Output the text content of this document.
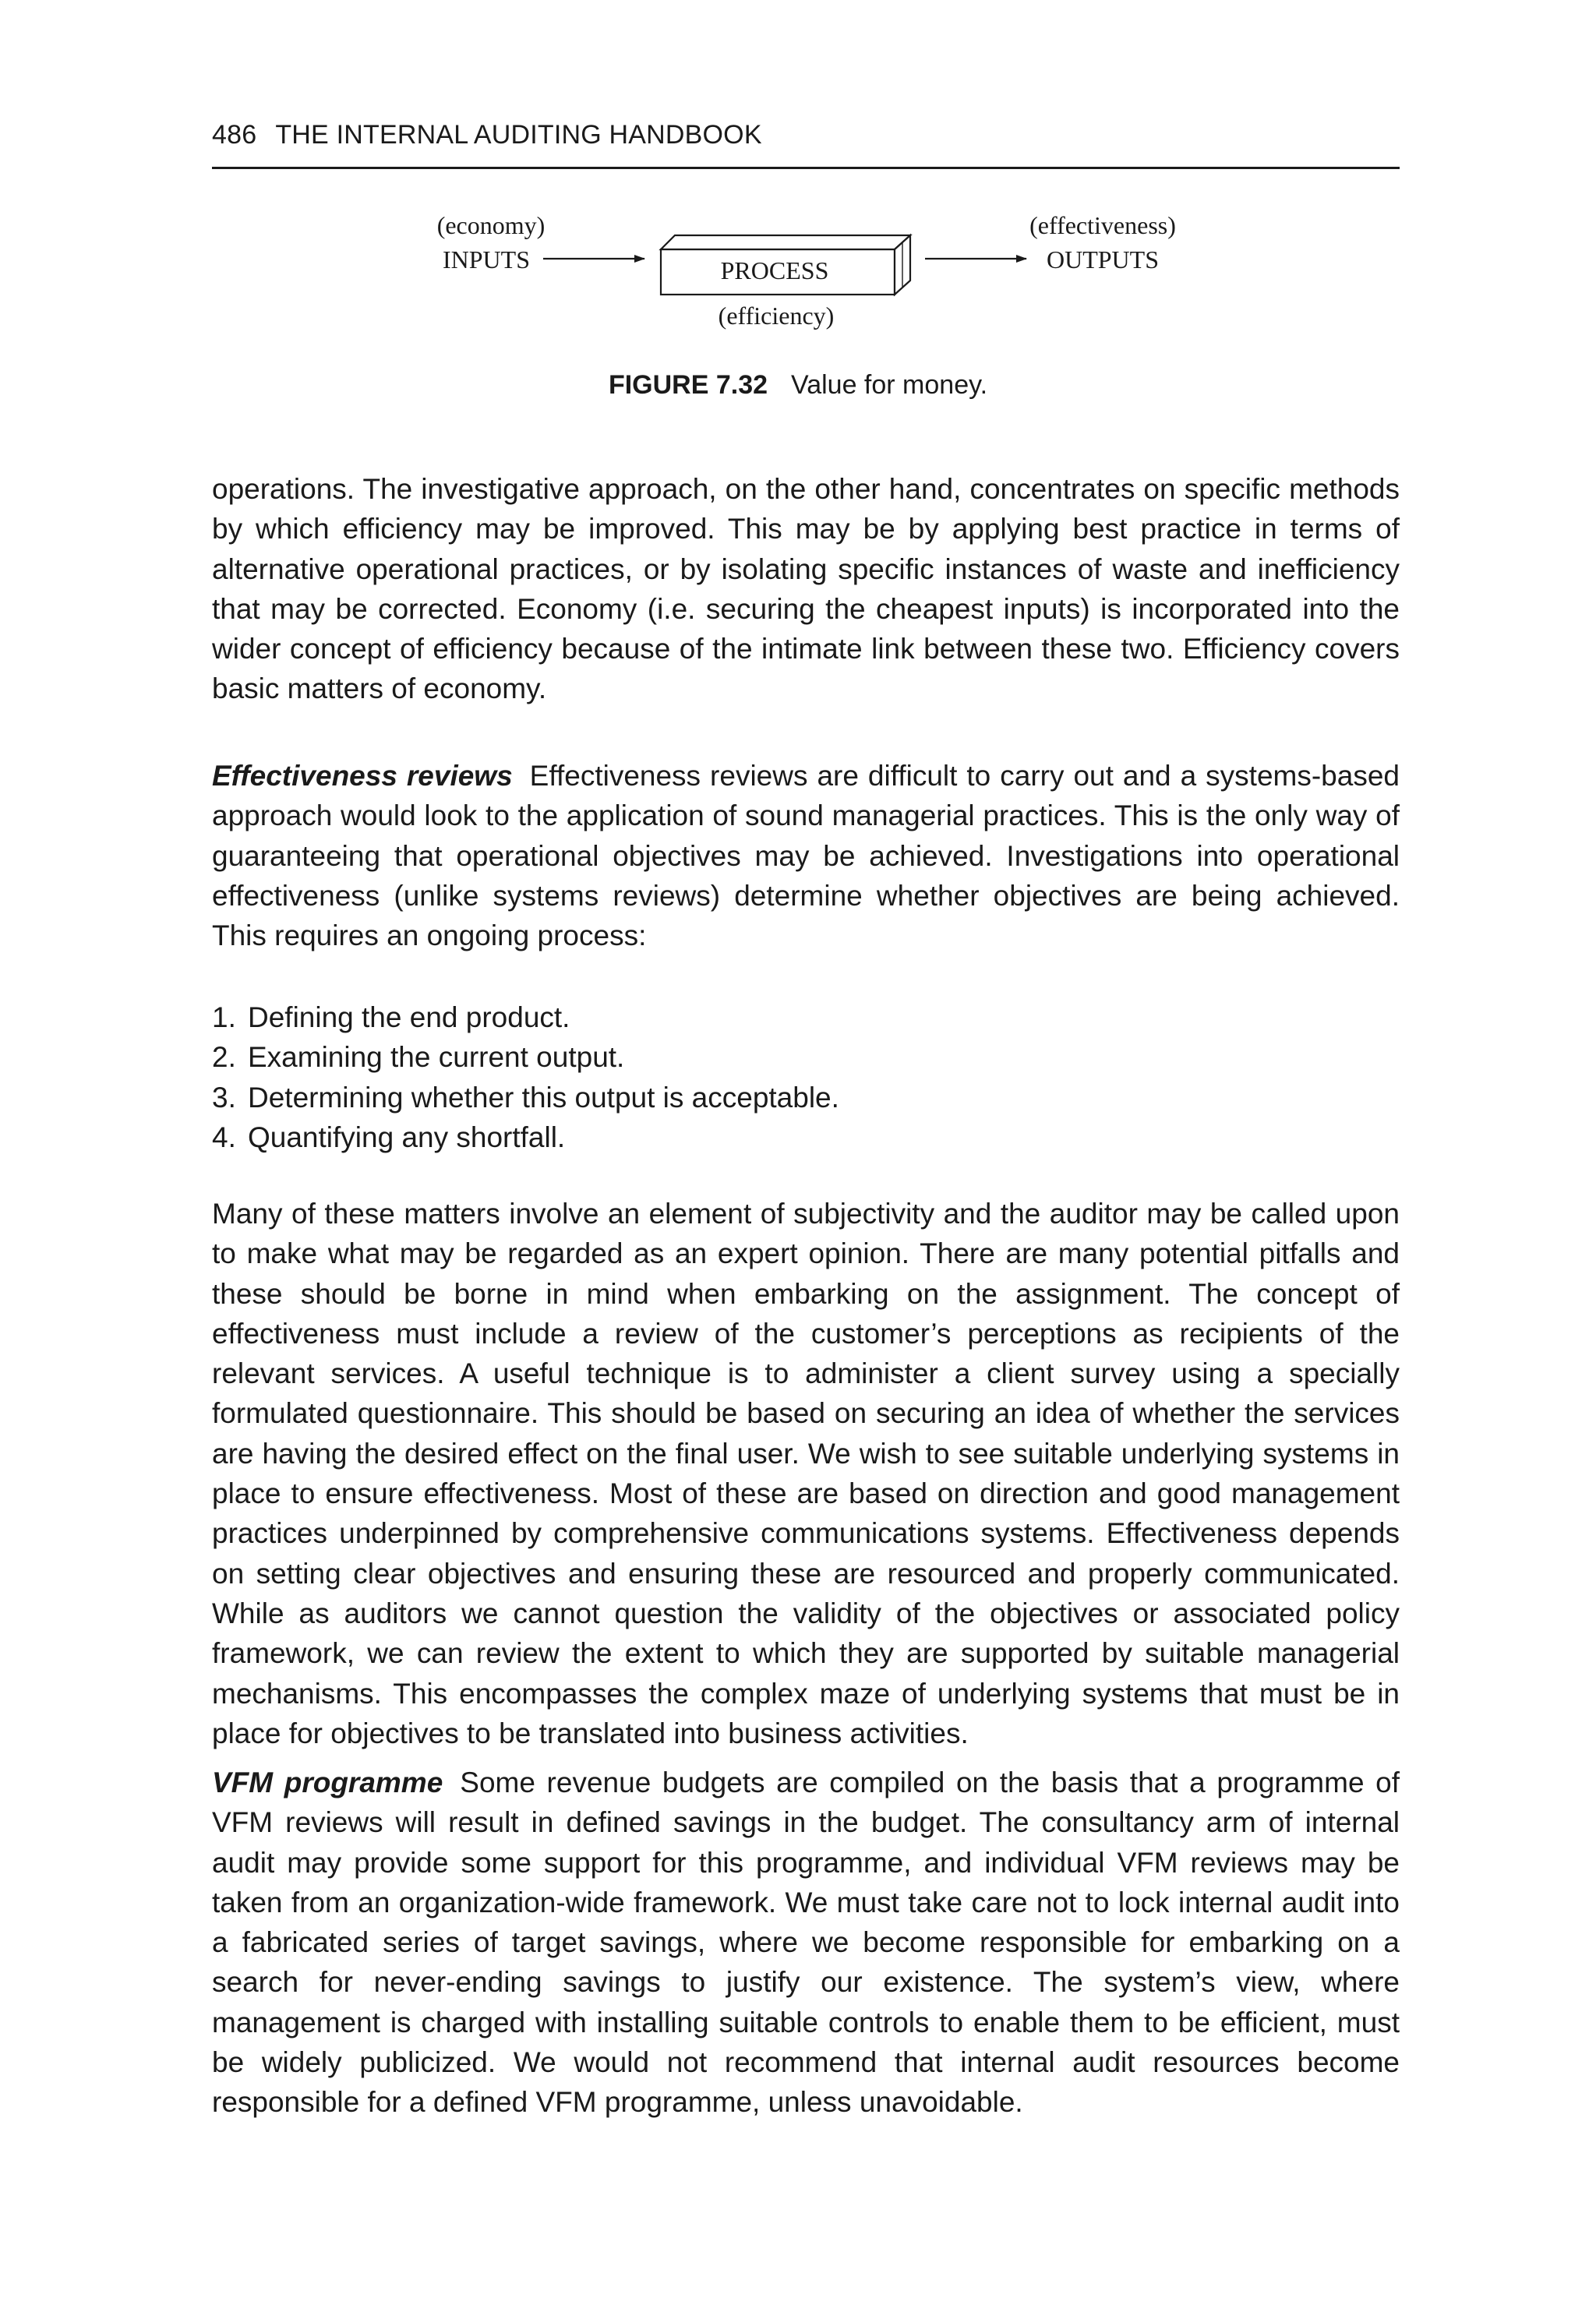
486 THE INTERNAL AUDITING HANDBOOK
(economy)
INPUTS	PROCESS
(efficiency)
(effectiveness)
OUTPUTS
FIGURE 7.32 Value for money.

operations. The investigative approach, on the other hand, concentrates on specific methods by which efficiency may be improved. This may be by applying best practice in terms of alternative operational practices, or by isolating specific instances of waste and inefficiency that may be corrected. Economy (i.e. securing the cheapest inputs) is incorporated into the wider concept of efficiency because of the intimate link between these two. Efficiency covers basic matters of economy.

Effectiveness reviews Effectiveness reviews are difficult to carry out and a systems-based approach would look to the application of sound managerial practices. This is the only way of guaranteeing that operational objectives may be achieved. Investigations into operational effectiveness (unlike systems reviews) determine whether objectives are being achieved. This requires an ongoing process:

1. Defining the end product.
2. Examining the current output.
3. Determining whether this output is acceptable.
4. Quantifying any shortfall.

Many of these matters involve an element of subjectivity and the auditor may be called upon to make what may be regarded as an expert opinion. There are many potential pitfalls and these should be borne in mind when embarking on the assignment. The concept of effectiveness must include a review of the customer’s perceptions as recipients of the relevant services. A useful technique is to administer a client survey using a specially formulated questionnaire. This should be based on securing an idea of whether the services are having the desired effect on the final user. We wish to see suitable underlying systems in place to ensure effectiveness. Most of these are based on direction and good management practices underpinned by comprehensive communications systems. Effectiveness depends on setting clear objectives and ensuring these are resourced and properly communicated. While as auditors we cannot question the validity of the objectives or associated policy framework, we can review the extent to which they are supported by suitable managerial mechanisms. This encompasses the complex maze of underlying systems that must be in place for objectives to be translated into business activities.

VFM programme Some revenue budgets are compiled on the basis that a programme of VFM reviews will result in defined savings in the budget. The consultancy arm of internal audit may provide some support for this programme, and individual VFM reviews may be taken from an organization-wide framework. We must take care not to lock internal audit into a fabricated series of target savings, where we become responsible for embarking on a search for never-ending savings to justify our existence. The system’s view, where management is charged with installing suitable controls to enable them to be efficient, must be widely publicized. We would not recommend that internal audit resources become responsible for a defined VFM programme, unless unavoidable.
